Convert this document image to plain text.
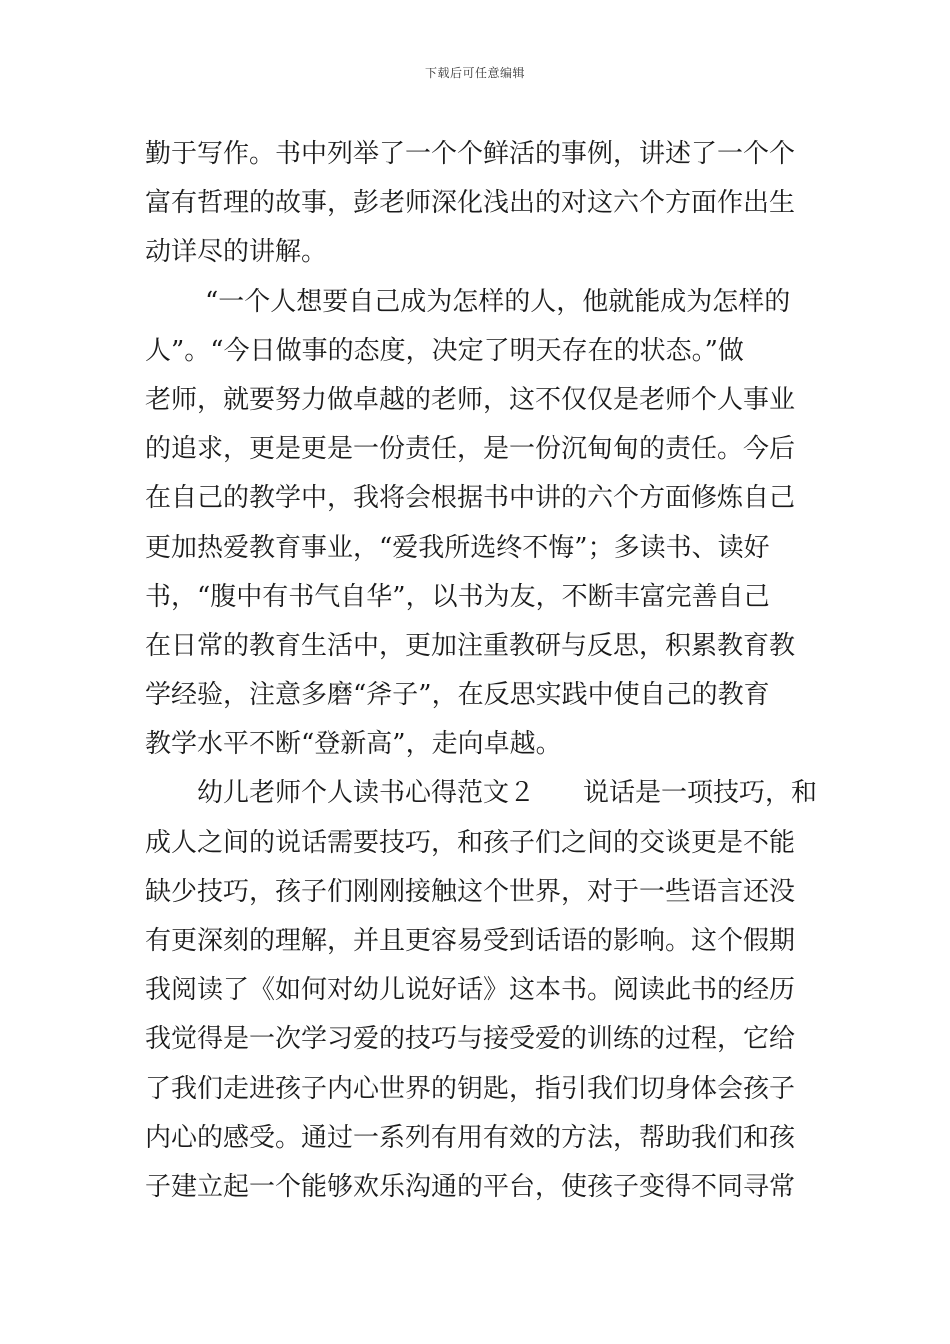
下载后可任意编辑
勤于写作。书中列举了一个个鲜活的事例，讲述了一个个
富有哲理的故事，彭老师深化浅出的对这六个方面作出生
动详尽的讲解。
“一个人想要自己成为怎样的人，他就能成为怎样的
人”。“今日做事的态度，决定了明天存在的状态。”做
老师，就要努力做卓越的老师，这不仅仅是老师个人事业
的追求，更是更是一份责任，是一份沉甸甸的责任。今后
在自己的教学中，我将会根据书中讲的六个方面修炼自己
更加热爱教育事业，“爱我所选终不悔”；多读书、读好
书，“腹中有书气自华”，以书为友，不断丰富完善自己
在日常的教育生活中，更加注重教研与反思，积累教育教
学经验，注意多磨“斧子”，在反思实践中使自己的教育
教学水平不断“登新高”，走向卓越。
幼儿老师个人读书心得范文２ 说话是一项技巧，和
成人之间的说话需要技巧，和孩子们之间的交谈更是不能
缺少技巧，孩子们刚刚接触这个世界，对于一些语言还没
有更深刻的理解，并且更容易受到话语的影响。这个假期
我阅读了《如何对幼儿说好话》这本书。阅读此书的经历
我觉得是一次学习爱的技巧与接受爱的训练的过程，它给
了我们走进孩子内心世界的钥匙，指引我们切身体会孩子
内心的感受。通过一系列有用有效的方法，帮助我们和孩
子建立起一个能够欢乐沟通的平台，使孩子变得不同寻常
